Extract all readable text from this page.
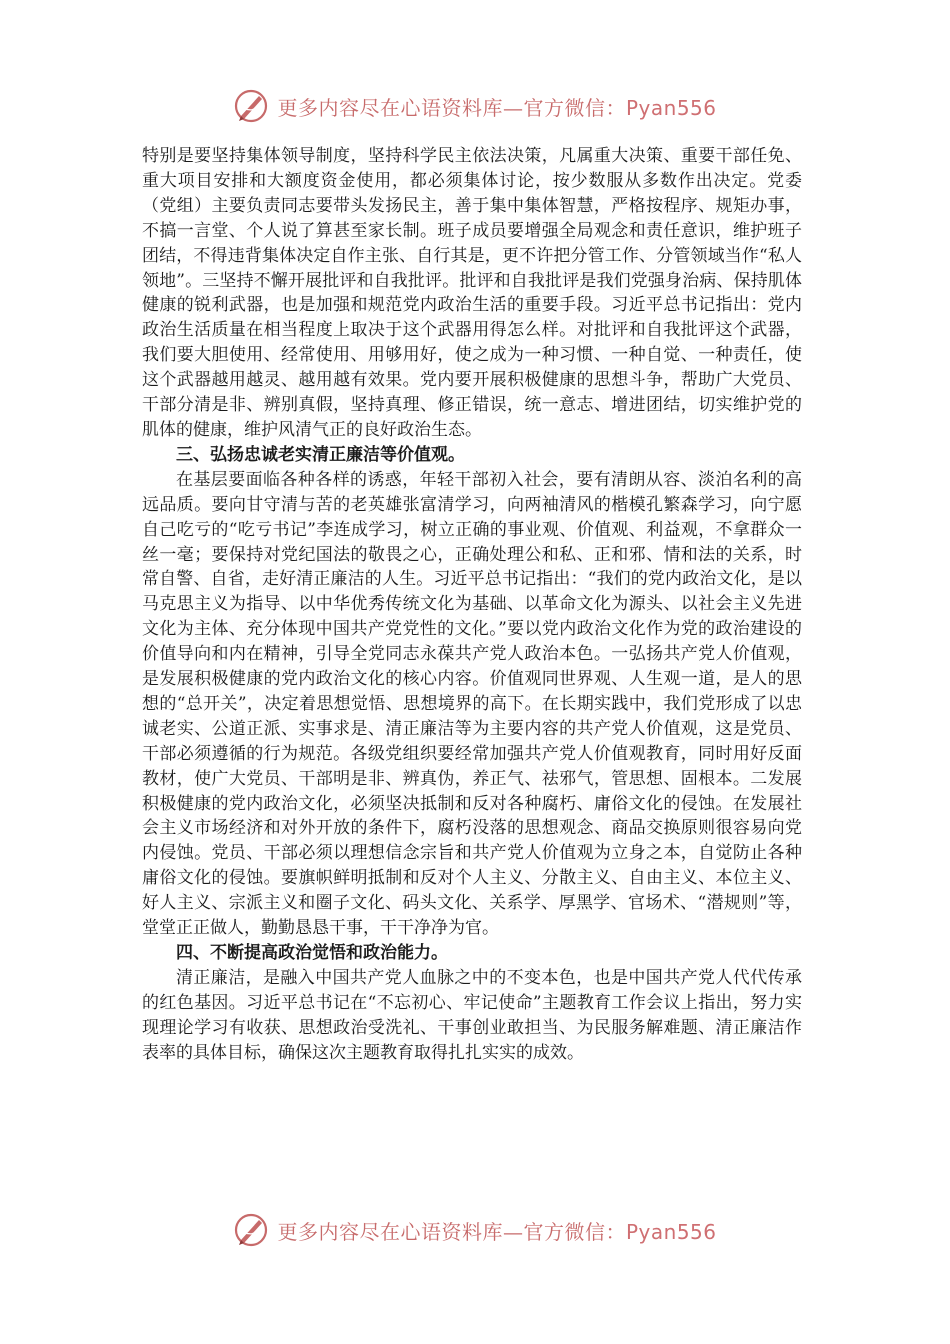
更多内容尽在心语资料库—官方微信：Pyan556

特别是要坚持集体领导制度，坚持科学民主依法决策，凡属重大决策、重要干部任免、重大项目安排和大额度资金使用，都必须集体讨论，按少数服从多数作出决定。党委（党组）主要负责同志要带头发扬民主，善于集中集体智慧，严格按程序、规矩办事，不搞一言堂、个人说了算甚至家长制。班子成员要增强全局观念和责任意识，维护班子团结，不得违背集体决定自作主张、自行其是，更不许把分管工作、分管领域当作“私人领地”。三坚持不懈开展批评和自我批评。批评和自我批评是我们党强身治病、保持肌体健康的锐利武器，也是加强和规范党内政治生活的重要手段。习近平总书记指出：党内政治生活质量在相当程度上取决于这个武器用得怎么样。对批评和自我批评这个武器，我们要大胆使用、经常使用、用够用好，使之成为一种习惯、一种自觉、一种责任，使这个武器越用越灵、越用越有效果。党内要开展积极健康的思想斗争，帮助广大党员、干部分清是非、辨别真假，坚持真理、修正错误，统一意志、增进团结，切实维护党的肌体的健康，维护风清气正的良好政治生态。

三、弘扬忠诚老实清正廉洁等价值观。

在基层要面临各种各样的诱惑，年轻干部初入社会，要有清朗从容、淡泊名利的高远品质。要向甘守清与苦的老英雄张富清学习，向两袖清风的楷模孔繁森学习，向宁愿自己吃亏的“吃亏书记”李连成学习，树立正确的事业观、价值观、利益观，不拿群众一丝一毫；要保持对党纪国法的敬畏之心，正确处理公和私、正和邪、情和法的关系，时常自警、自省，走好清正廉洁的人生。习近平总书记指出：“我们的党内政治文化，是以马克思主义为指导、以中华优秀传统文化为基础、以革命文化为源头、以社会主义先进文化为主体、充分体现中国共产党党性的文化。”要以党内政治文化作为党的政治建设的价值导向和内在精神，引导全党同志永葆共产党人政治本色。一弘扬共产党人价值观，是发展积极健康的党内政治文化的核心内容。价值观同世界观、人生观一道，是人的思想的“总开关”，决定着思想觉悟、思想境界的高下。在长期实践中，我们党形成了以忠诚老实、公道正派、实事求是、清正廉洁等为主要内容的共产党人价值观，这是党员、干部必须遵循的行为规范。各级党组织要经常加强共产党人价值观教育，同时用好反面教材，使广大党员、干部明是非、辨真伪，养正气、祛邪气，管思想、固根本。二发展积极健康的党内政治文化，必须坚决抵制和反对各种腐朽、庸俗文化的侵蚀。在发展社会主义市场经济和对外开放的条件下，腐朽没落的思想观念、商品交换原则很容易向党内侵蚀。党员、干部必须以理想信念宗旨和共产党人价值观为立身之本，自觉防止各种庸俗文化的侵蚀。要旗帜鲜明抵制和反对个人主义、分散主义、自由主义、本位主义、好人主义、宗派主义和圈子文化、码头文化、关系学、厚黑学、官场术、“潜规则”等，堂堂正正做人，勤勤恳恳干事，干干净净为官。

四、不断提高政治觉悟和政治能力。

清正廉洁，是融入中国共产党人血脉之中的不变本色，也是中国共产党人代代传承的红色基因。习近平总书记在“不忘初心、牢记使命”主题教育工作会议上指出，努力实现理论学习有收获、思想政治受洗礼、干事创业敢担当、为民服务解难题、清正廉洁作表率的具体目标，确保这次主题教育取得扎扎实实的成效。

更多内容尽在心语资料库—官方微信：Pyan556
